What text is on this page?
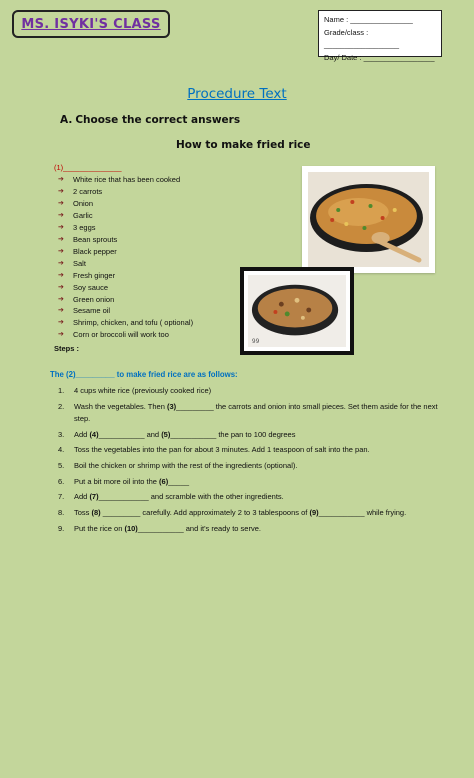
MS. ISYKI'S CLASS	Name : _______________
Grade/class : __________________
Day/ Date : _________________
Procedure Text
A. Choose the correct answers
How to make fried rice
(1)______________
➔	White rice that has been cooked
➔	2 carrots
➔	Onion
➔	Garlic
➔	3 eggs
➔	Bean sprouts
➔	Black pepper
➔	Salt
➔	Fresh ginger
➔	Soy sauce
➔	Green onion
➔	Sesame oil
➔	Shrimp, chicken, and tofu ( optional)
➔	Corn or broccoli will work too
Steps :
99
The (2)_________ to make fried rice are as follows:
1.	4 cups white rice (previously cooked rice)
2.	Wash the vegetables. Then (3)_________ the carrots and onion into small pieces. Set them aside for the next step.
3.	Add (4)___________ and (5)___________ the pan to 100 degrees
4.	Toss the vegetables into the pan for about 3 minutes. Add 1 teaspoon of salt into the pan.
5.	Boil the chicken or shrimp with the rest of the ingredients (optional).
6.	Put a bit more oil into the (6)_____
7.	Add (7)____________ and scramble with the other ingredients.
8.	Toss (8) _________ carefully. Add approximately 2 to 3 tablespoons of (9)___________ while frying.
9.	Put the rice on (10)___________ and it's ready to serve.
